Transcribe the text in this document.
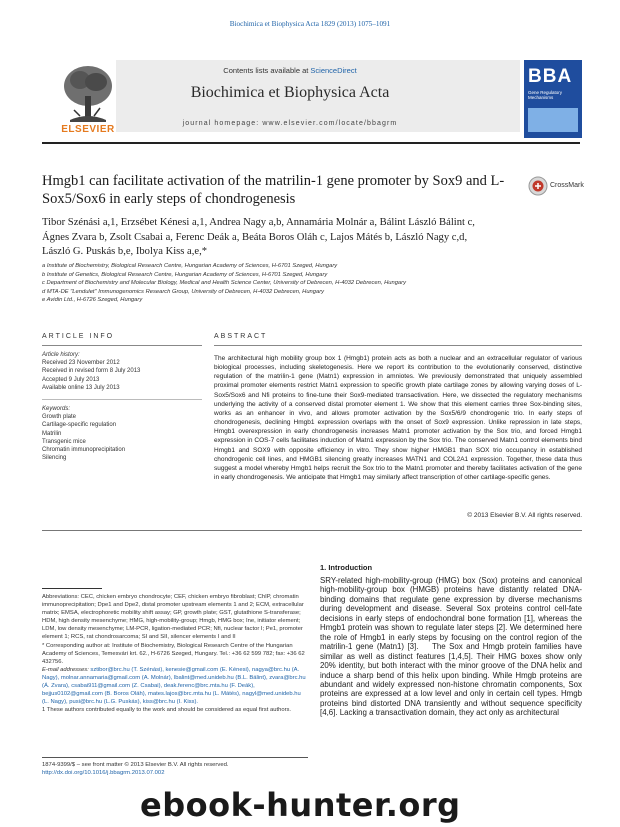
Biochimica et Biophysica Acta 1829 (2013) 1075–1091
Contents lists available at ScienceDirect
Biochimica et Biophysica Acta
journal homepage: www.elsevier.com/locate/bbagrm
ELSEVIER
BBA
Gene Regulatory Mechanisms
Hmgb1 can facilitate activation of the matrilin-1 gene promoter by Sox9 and L-Sox5/Sox6 in early steps of chondrogenesis
CrossMark
Tibor Szénási a,1, Erzsébet Kénesi a,1, Andrea Nagy a,b, Annamária Molnár a, Bálint László Bálint c,
Ágnes Zvara b, Zsolt Csabai a, Ferenc Deák a, Beáta Boros Oláh c, Lajos Mátés b, László Nagy c,d,
László G. Puskás b,e, Ibolya Kiss a,e,*
a Institute of Biochemistry, Biological Research Centre, Hungarian Academy of Sciences, H-6701 Szeged, Hungary
b Institute of Genetics, Biological Research Centre, Hungarian Academy of Sciences, H-6701 Szeged, Hungary
c Department of Biochemistry and Molecular Biology, Medical and Health Science Center, University of Debrecen, H-4032 Debrecen, Hungary
d MTA-DE "Lendulet" Immunogenomics Research Group, University of Debrecen, H-4032 Debrecen, Hungary
e Avidin Ltd., H-6726 Szeged, Hungary
ARTICLE INFO
Article history:
Received 23 November 2012
Received in revised form 8 July 2013
Accepted 9 July 2013
Available online 13 July 2013
Keywords:
Growth plate
Cartilage-specific regulation
Matrilin
Transgenic mice
Chromatin immunoprecipitation
Silencing
ABSTRACT
The architectural high mobility group box 1 (Hmgb1) protein acts as both a nuclear and an extracellular regulator of various biological processes, including skeletogenesis. Here we report its contribution to the evolutionarily conserved, distinctive regulation of the matrilin-1 gene (Matn1) expression in amniotes. We previously demonstrated that uniquely assembled proximal promoter elements restrict Matn1 expression to specific growth plate cartilage zones by allowing varying doses of L-Sox5/Sox6 and Nfi proteins to fine-tune their Sox9-mediated transactivation. Here, we dissected the regulatory mechanisms underlying the activity of a conserved distal promoter element 1. We show that this element carries three Sox-binding sites, works as an enhancer in vivo, and allows promoter activation by the Sox5/6/9 chondrogenic trio. In early steps of chondrogenesis, declining Hmgb1 expression overlaps with the onset of Sox9 expression. Unlike repression in late steps, Hmgb1 overexpression in early chondrogenesis increases Matn1 promoter activation by the Sox trio, and forced Hmgb1 expression in COS-7 cells facilitates induction of Matn1 expression by the Sox trio. The conserved Matn1 control elements bind Hmgb1 and SOX9 with opposite efficiency in vitro. They show higher HMGB1 than SOX trio occupancy in established chondrogenic cell lines, and HMGB1 silencing greatly increases MATN1 and COL2A1 expression. Together, these data thus suggest a model whereby Hmgb1 helps recruit the Sox trio to the Matn1 promoter and thereby facilitates activation of the gene in early chondrogenesis. We anticipate that Hmgb1 may similarly affect transcription of other cartilage-specific genes.
© 2013 Elsevier B.V. All rights reserved.
1. Introduction
SRY-related high-mobility-group (HMG) box (Sox) proteins and canonical high-mobility-group box (HMGB) proteins have distantly related DNA-binding domains that regulate gene expression by diverse mechanisms during development and disease. Several Sox proteins control cell-fate decisions in early steps of endochondral bone formation [1], whereas the Hmgb1 protein was shown to regulate later steps [2]. We determined here the role of Hmgb1 in early steps by focusing on the control region of the matrilin-1 gene (Matn1) [3].    The Sox and Hmgb protein families have similar as well as distinct features [1,4,5]. Their HMG boxes show only 20% identity, but both interact with the minor groove of the DNA helix and induce a sharp bend of this helix upon binding. While Hmgb proteins are abundant and widely expressed non-histone chromatin components, Sox proteins are expressed at a low level and only in certain cell types. Hmgb proteins bind distorted DNA transiently and without sequence specificity [4,6]. Lacking a transactivation domain, they act only as architectural
Abbreviations: CEC, chicken embryo chondrocyte; CEF, chicken embryo fibroblast; ChIP, chromatin immunoprecipitation; Dpe1 and Dpe2, distal promoter upstream elements 1 and 2; ECM, extracellular matrix; EMSA, electrophoretic mobility shift assay; GP, growth plate; GST, glutathione S-transferase; HDM, high density mesenchyme; HMG, high-mobility-group; Hmgb, HMG box; Ine, initiator element; LDM, low density mesenchyme; LM-PCR, ligation-mediated PCR; Nfi, nuclear factor I; Pe1, promoter element 1; RCS, rat chondrosarcoma; SI and SII, silencer elements I and II
* Corresponding author at: Institute of Biochemistry, Biological Research Centre of the Hungarian Academy of Sciences, Temesvári krt. 62., H-6726 Szeged, Hungary. Tel.: +36 62 599 782; fax: +36 62 432756.
E-mail addresses: sztibor@brc.hu (T. Szénási), kenesie@gmail.com (E. Kénesi), nagya@brc.hu (A. Nagy), molnar.annamaria@gmail.com (A. Molnár), lbalint@med.unideb.hu (B.L. Bálint), zvara@brc.hu (Á. Zvara), csabai911@gmail.com (Z. Csabai), deak.ferenc@brc.mta.hu (F. Deák), bejjus0102@gmail.com (B. Boros Oláh), mates.lajos@brc.mta.hu (L. Mátés), nagyl@med.unideb.hu (L. Nagy), pusi@brc.hu (L.G. Puskás), kiss@brc.hu (I. Kiss).
1 These authors contributed equally to the work and should be considered as equal first authors.
1874-9399/$ – see front matter © 2013 Elsevier B.V. All rights reserved.
http://dx.doi.org/10.1016/j.bbagrm.2013.07.002
ebook-hunter.org
